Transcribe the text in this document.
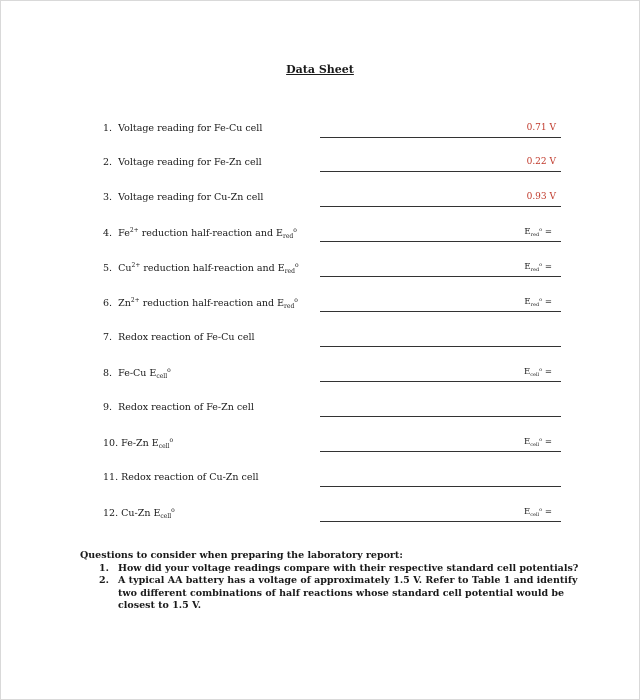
Data Sheet
1. Voltage reading for Fe-Cu cell	0.71 V
2. Voltage reading for Fe-Zn cell	0.22 V
3. Voltage reading for Cu-Zn cell	0.93 V
4. $Fe^{2+}$ reduction half-reaction and $E_{red}^o$	$E_{red}^o$ =
5. $Cu^{2+}$ reduction half-reaction and $E_{red}^o$	$E_{red}^o$ =
6. $Zn^{2+}$ reduction half-reaction and $E_{red}^o$	$E_{red}^o$ =
7. Redox reaction of Fe-Cu cell
8. Fe-Cu $E_{cell}^o$	$E_{cell}^o$ =
9. Redox reaction of Fe-Zn cell
10. Fe-Zn $E_{cell}^o$	$E_{cell}^o$ =
11. Redox reaction of Cu-Zn cell
12. Cu-Zn $E_{cell}^o$	$E_{cell}^o$ =
Questions to consider when preparing the laboratory report:
1. How did your voltage readings compare with their respective standard cell potentials?
2. A typical AA battery has a voltage of approximately 1.5 V. Refer to Table 1 and identify two different combinations of half reactions whose standard cell potential would be closest to 1.5 V.
